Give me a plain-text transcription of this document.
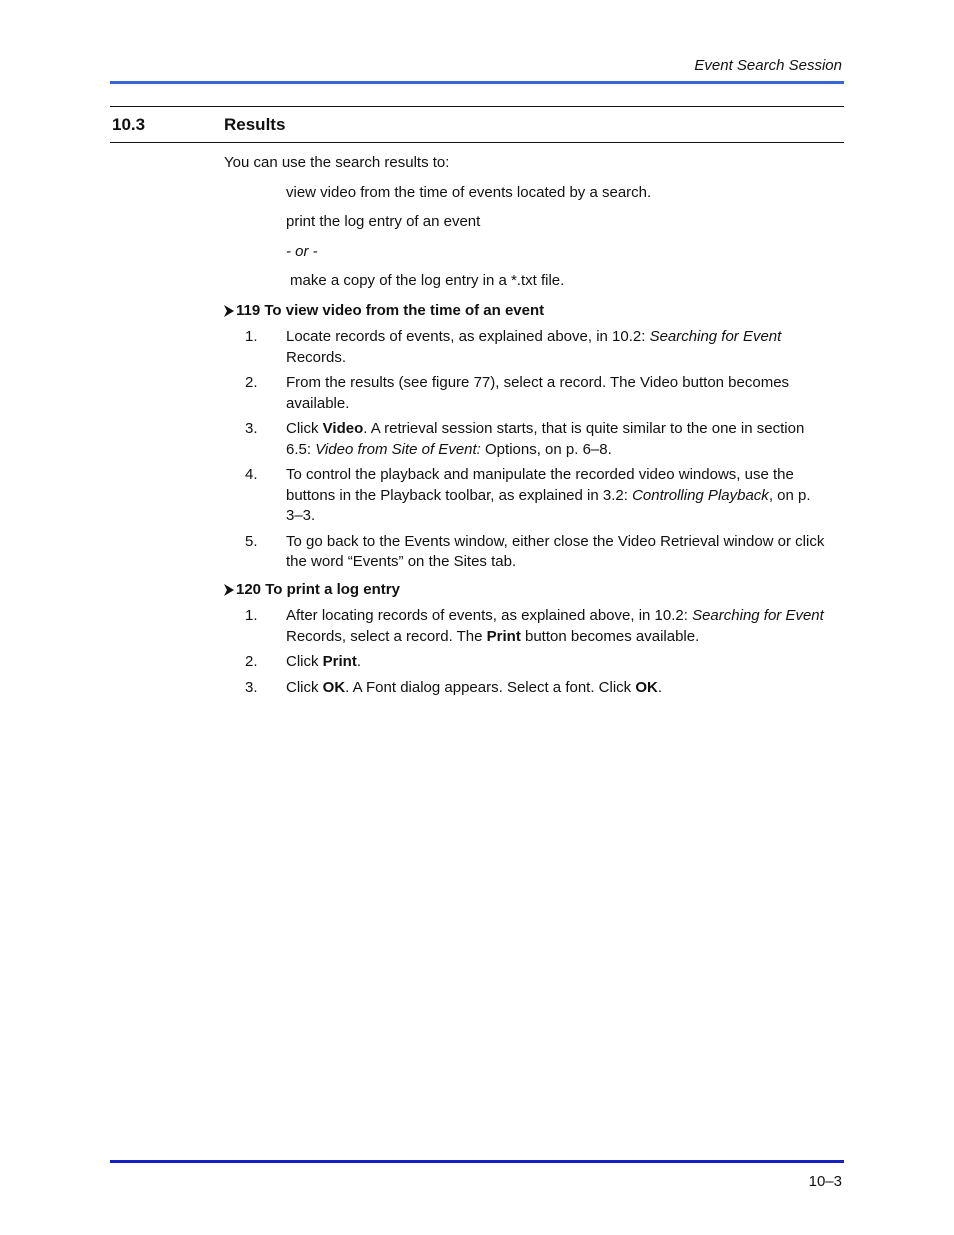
Event Search Session
10.3	Results

You can use the search results to:

view video from the time of events located by a search.

print the log entry of an event

- or -

make a copy of the log entry in a *.txt file.

119 To view video from the time of an event
1.	Locate records of events, as explained above, in 10.2: Searching for Event Records.
2.	From the results (see figure 77), select a record. The Video button becomes available.
3.	Click Video. A retrieval session starts, that is quite similar to the one in section 6.5: Video from Site of Event: Options, on p. 6–8.
4.	To control the playback and manipulate the recorded video windows, use the buttons in the Playback toolbar, as explained in 3.2: Controlling Playback, on p. 3–3.
5.	To go back to the Events window, either close the Video Retrieval window or click the word “Events” on the Sites tab.
120 To print a log entry
1.	After locating records of events, as explained above, in 10.2: Searching for Event Records, select a record. The Print button becomes available.
2.	Click Print.
3.	Click OK. A Font dialog appears. Select a font. Click OK.
10–3
